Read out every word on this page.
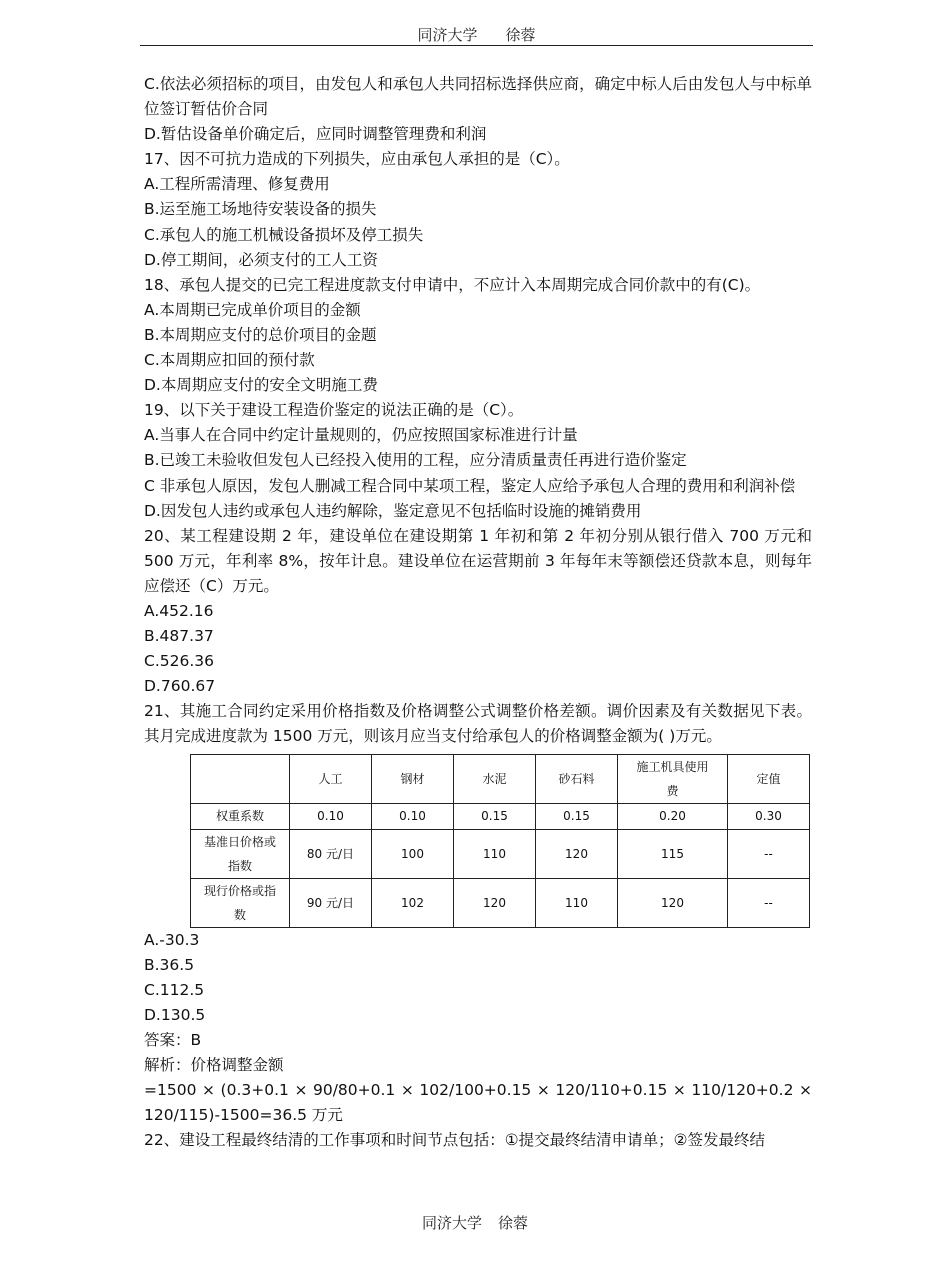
同济大学 徐蓉

C.依法必须招标的项目，由发包人和承包人共同招标选择供应商，确定中标人后由发包人与中标单位签订暂估价合同

D.暂估设备单价确定后，应同时调整管理费和利润

17、因不可抗力造成的下列损失，应由承包人承担的是（C）。

A.工程所需清理、修复费用

B.运至施工场地待安装设备的损失

C.承包人的施工机械设备损坏及停工损失

D.停工期间，必须支付的工人工资

18、承包人提交的已完工程进度款支付申请中，不应计入本周期完成合同价款中的有(C)。

A.本周期已完成单价项目的金额

B.本周期应支付的总价项目的金题

C.本周期应扣回的预付款

D.本周期应支付的安全文明施工费

19、以下关于建设工程造价鉴定的说法正确的是（C）。

A.当事人在合同中约定计量规则的，仍应按照国家标准进行计量

B.已竣工未验收但发包人已经投入使用的工程，应分清质量责任再进行造价鉴定

C 非承包人原因，发包人删减工程合同中某项工程，鉴定人应给予承包人合理的费用和利润补偿

D.因发包人违约或承包人违约解除，鉴定意见不包括临时设施的摊销费用

20、某工程建设期 2 年，建设单位在建设期第 1 年初和第 2 年初分别从银行借入 700 万元和 500 万元，年利率 8%，按年计息。建设单位在运营期前 3 年每年末等额偿还贷款本息，则每年应偿还（C）万元。

A.452.16

B.487.37

C.526.36

D.760.67

21、其施工合同约定采用价格指数及价格调整公式调整价格差额。调价因素及有关数据见下表。其月完成进度款为 1500 万元，则该月应当支付给承包人的价格调整金额为( )万元。

	人工	钢材	水泥	砂石料	施工机具使用费	定值
权重系数	0.10	0.10	0.15	0.15	0.20	0.30
基准日价格或指数	80 元/日	100	110	120	115	--
现行价格或指数	90 元/日	102	120	110	120	--

A.-30.3

B.36.5

C.112.5

D.130.5

答案：B

解析：价格调整金额

=1500 × (0.3+0.1 × 90/80+0.1 × 102/100+0.15 × 120/110+0.15 × 110/120+0.2 × 120/115)-1500=36.5 万元

22、建设工程最终结清的工作事项和时间节点包括：①提交最终结清申请单；②签发最终结

同济大学 徐蓉
